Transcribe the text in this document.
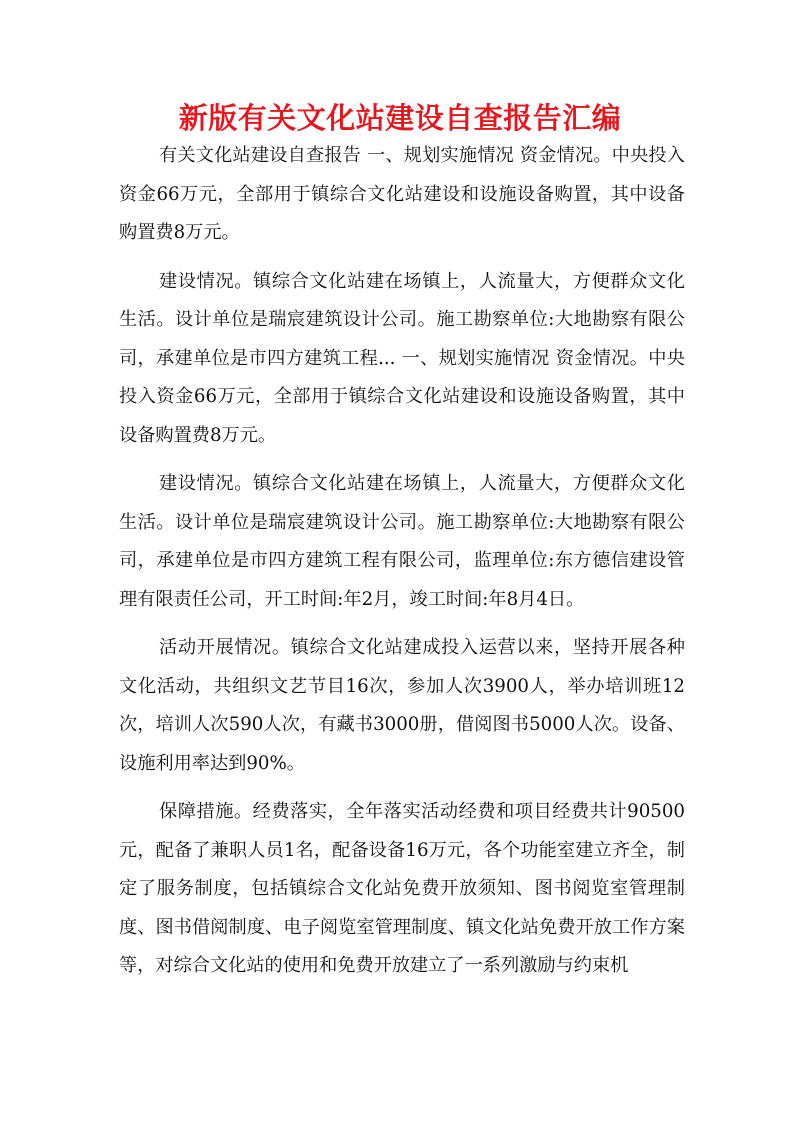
新版有关文化站建设自查报告汇编

有关文化站建设自查报告 一、规划实施情况 资金情况。中央投入资金66万元，全部用于镇综合文化站建设和设施设备购置，其中设备购置费8万元。

建设情况。镇综合文化站建在场镇上，人流量大，方便群众文化生活。设计单位是瑞宸建筑设计公司。施工勘察单位:大地勘察有限公司，承建单位是市四方建筑工程... 一、规划实施情况 资金情况。中央投入资金66万元，全部用于镇综合文化站建设和设施设备购置，其中设备购置费8万元。

建设情况。镇综合文化站建在场镇上，人流量大，方便群众文化生活。设计单位是瑞宸建筑设计公司。施工勘察单位:大地勘察有限公司，承建单位是市四方建筑工程有限公司，监理单位:东方德信建设管理有限责任公司，开工时间:年2月，竣工时间:年8月4日。

活动开展情况。镇综合文化站建成投入运营以来，坚持开展各种文化活动，共组织文艺节目16次，参加人次3900人，举办培训班12次，培训人次590人次，有藏书3000册，借阅图书5000人次。设备、设施利用率达到90%。

保障措施。经费落实，全年落实活动经费和项目经费共计90500元，配备了兼职人员1名，配备设备16万元，各个功能室建立齐全，制定了服务制度，包括镇综合文化站免费开放须知、图书阅览室管理制度、图书借阅制度、电子阅览室管理制度、镇文化站免费开放工作方案等，对综合文化站的使用和免费开放建立了一系列激励与约束机
